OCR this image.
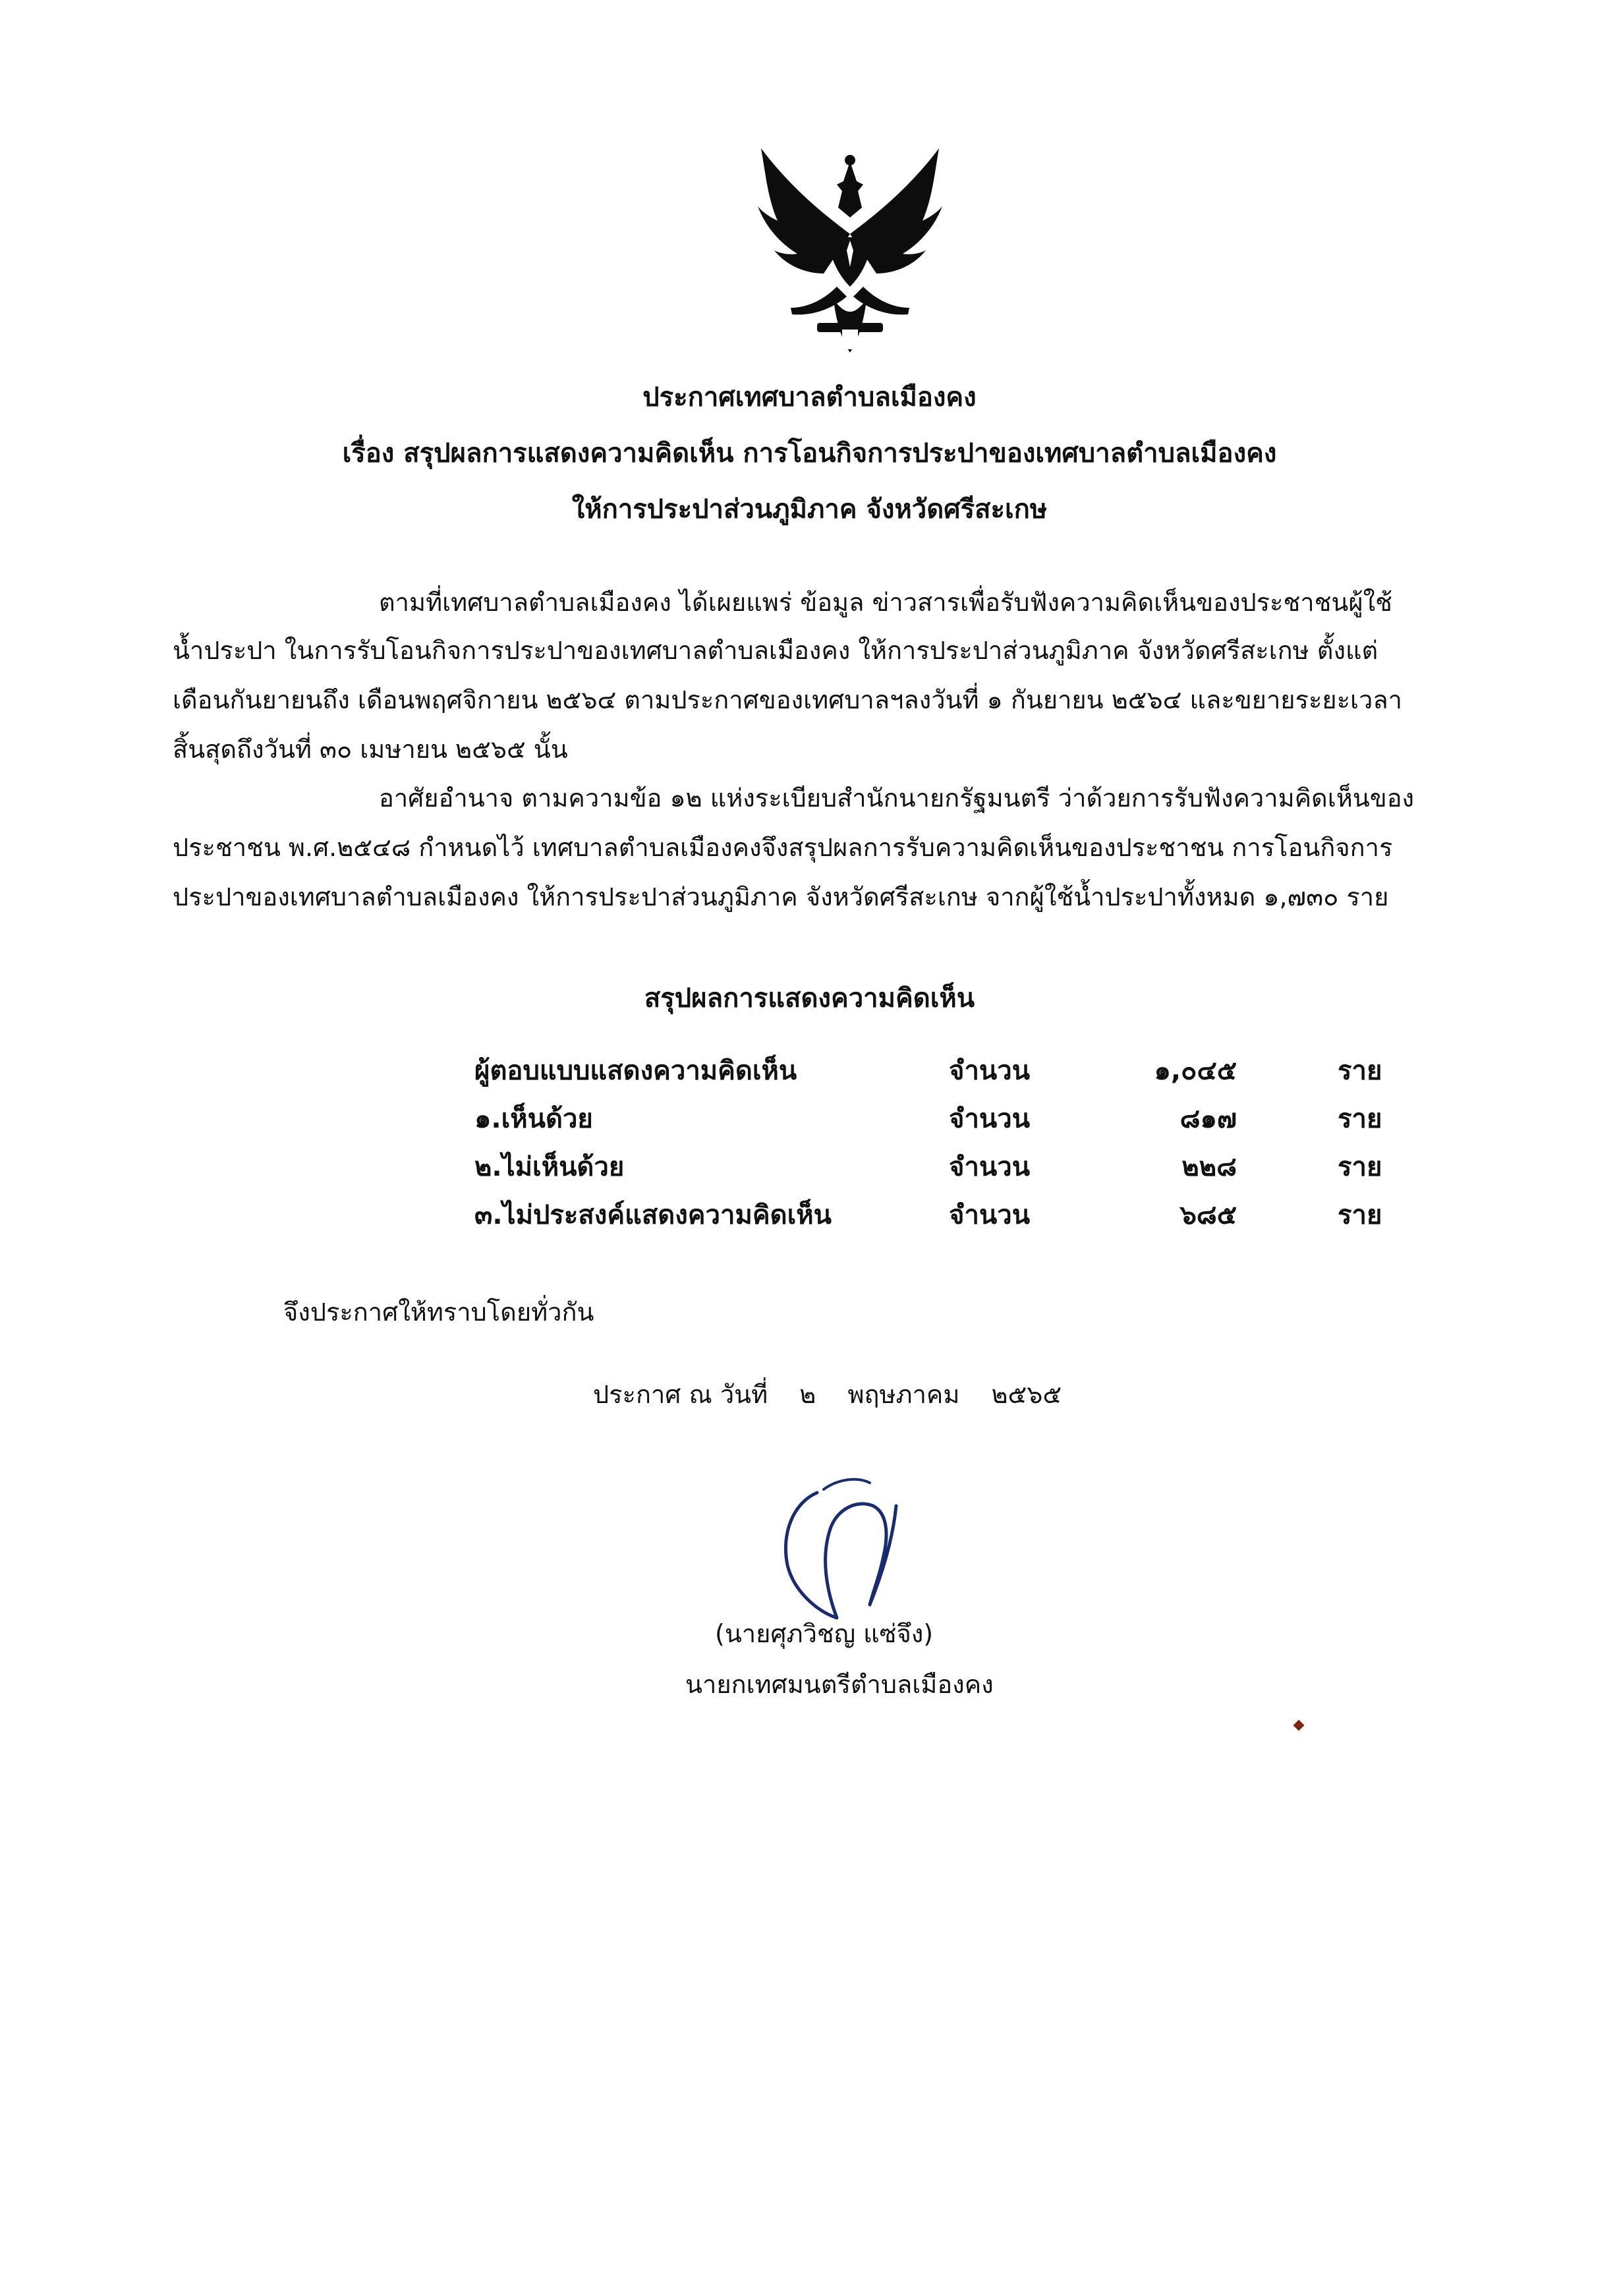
ประกาศเทศบาลตำบลเมืองคง
เรื่อง สรุปผลการแสดงความคิดเห็น การโอนกิจการประปาของเทศบาลตำบลเมืองคง
ให้การประปาส่วนภูมิภาค จังหวัดศรีสะเกษ
ตามที่เทศบาลตำบลเมืองคง ได้เผยแพร่ ข้อมูล ข่าวสารเพื่อรับฟังความคิดเห็นของประชาชนผู้ใช้
น้ำประปา ในการรับโอนกิจการประปาของเทศบาลตำบลเมืองคง ให้การประปาส่วนภูมิภาค จังหวัดศรีสะเกษ ตั้งแต่
เดือนกันยายนถึง เดือนพฤศจิกายน ๒๕๖๔ ตามประกาศของเทศบาลฯลงวันที่ ๑ กันยายน ๒๕๖๔ และขยายระยะเวลา
สิ้นสุดถึงวันที่ ๓๐ เมษายน ๒๕๖๕ นั้น
อาศัยอำนาจ ตามความข้อ ๑๒ แห่งระเบียบสำนักนายกรัฐมนตรี ว่าด้วยการรับฟังความคิดเห็นของ
ประชาชน พ.ศ.๒๕๔๘ กำหนดไว้ เทศบาลตำบลเมืองคงจึงสรุปผลการรับความคิดเห็นของประชาชน การโอนกิจการ
ประปาของเทศบาลตำบลเมืองคง ให้การประปาส่วนภูมิภาค จังหวัดศรีสะเกษ จากผู้ใช้น้ำประปาทั้งหมด ๑,๗๓๐ ราย
สรุปผลการแสดงความคิดเห็น
ผู้ตอบแบบแสดงความคิดเห็น	จำนวน	๑,๐๔๕	ราย
๑.เห็นด้วย	จำนวน	๘๑๗	ราย
๒.ไม่เห็นด้วย	จำนวน	๒๒๘	ราย
๓.ไม่ประสงค์แสดงความคิดเห็น	จำนวน	๖๘๕	ราย
จึงประกาศให้ทราบโดยทั่วกัน
ประกาศ ณ วันที่ ๒ พฤษภาคม ๒๕๖๕
(นายศุภวิชญ แซ่จึง)
นายกเทศมนตรีตำบลเมืองคง
